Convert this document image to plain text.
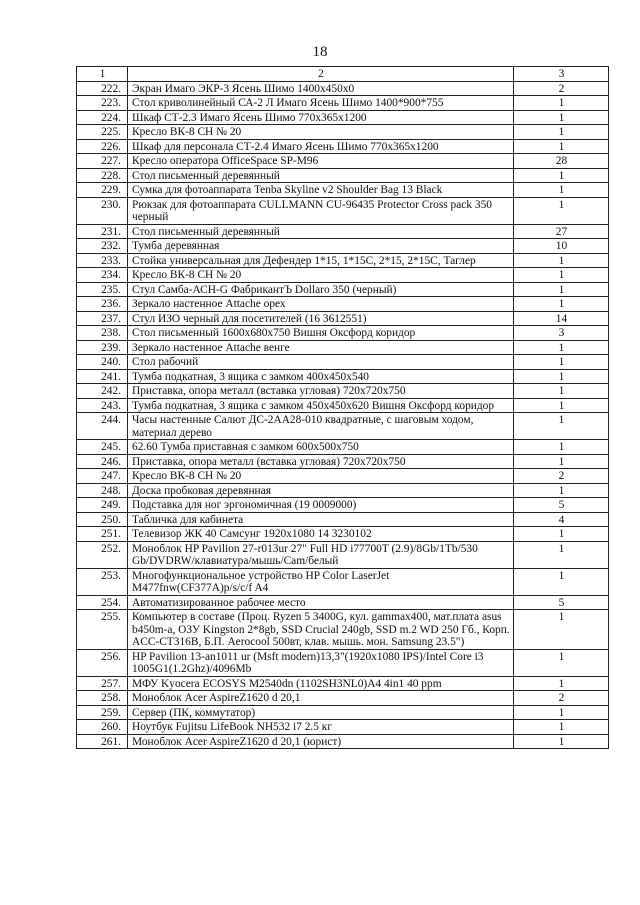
18
1	2	3
222.	Экран Имаго ЭКР-3 Ясень Шимо 1400x450x0	2
223.	Стол криволинейный СА-2 Л Имаго Ясень Шимо 1400*900*755	1
224.	Шкаф СТ-2.3 Имаго Ясень Шимо 770x365x1200	1
225.	Кресло ВК-8 СН № 20	1
226.	Шкаф для персонала СТ-2.4 Имаго Ясень Шимо 770x365x1200	1
227.	Кресло оператора OfficeSpace SP-M96	28
228.	Стол письменный деревянный	1
229.	Сумка для фотоаппарата Tenba Skyline v2 Shoulder Bag 13 Black	1
230.	Рюкзак для фотоаппарата CULLMANN CU-96435 Protector Cross pack 350 черный	1
231.	Стол письменный деревянный	27
232.	Тумба деревянная	10
233.	Стойка универсальная для Дефендер 1*15, 1*15С, 2*15, 2*15С, Таглер	1
234.	Кресло ВК-8 СН № 20	1
235.	Стул Самба-АСН-G ФабрикантЪ Dollaro 350 (черный)	1
236.	Зеркало настенное Attache орех	1
237.	Стул ИЗО черный для посетителей (16 3612551)	14
238.	Стол письменный 1600x680x750 Вишня Оксфорд коридор	3
239.	Зеркало настенное Attache венге	1
240.	Стол рабочий	1
241.	Тумба подкатная, 3 ящика с замком 400x450x540	1
242.	Приставка, опора металл (вставка угловая) 720x720x750	1
243.	Тумба подкатная, 3 ящика с замком 450x450x620 Вишня Оксфорд коридор	1
244.	Часы настенные Салют ДС-2АА28-010 квадратные, с шаговым ходом, материал дерево	1
245.	62.60 Тумба приставная с замком 600x500x750	1
246.	Приставка, опора металл (вставка угловая) 720x720x750	1
247.	Кресло ВК-8 СН № 20	2
248.	Доска пробковая деревянная	1
249.	Подставка для ног эргономичная (19 0009000)	5
250.	Табличка для кабинета	4
251.	Телевизор ЖК 40 Самсунг 1920x1080 14 3230102	1
252.	Моноблок HP Pavilion 27-r013ur 27" Full HD i77700T (2.9)/8Gb/1Tb/530 Gb/DVDRW/клавиатура/мышь/Cam/белый	1
253.	Многофункциональное устройство HP Color LaserJet M477fnw(CF377A)p/s/c/f A4	1
254.	Автоматизированное рабочее место	5
255.	Компьютер в составе (Проц. Ryzen 5 3400G, кул. gammax400, мат.плата asus b450m-a, ОЗУ Kingston 2*8gb, SSD Crucial 240gb, SSD m.2 WD 250 Гб., Корп. ACC-CT316B, Б.П. Aerocool 500вт, клав. мышь. мон. Samsung 23.5")	1
256.	HP Pavilion 13-an1011 ur (Msft modern)13,3"(1920x1080 IPS)/Intel Core i3 1005G1(1.2Ghz)/4096Mb	1
257.	МФУ Kyocera ECOSYS M2540dn (1102SH3NL0)A4 4in1 40 ppm	1
258.	Моноблок Acer AspireZ1620 d 20,1	2
259.	Сервер (ПК, коммутатор)	1
260.	Ноутбук Fujitsu LifeBook NH532 i7 2.5 кг	1
261.	Моноблок Acer AspireZ1620 d 20,1 (юрист)	1
